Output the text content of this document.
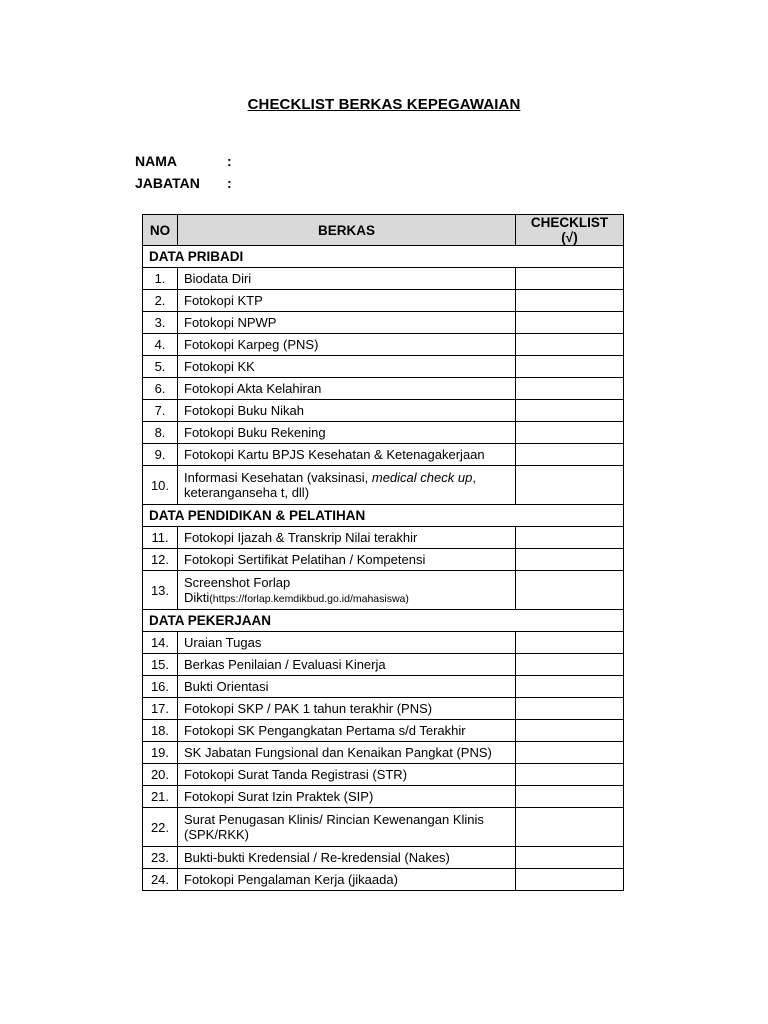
CHECKLIST BERKAS KEPEGAWAIAN
NAMA	:
JABATAN :
NO	BERKAS	CHECKLIST (√)
DATA PRIBADI		
1.	Biodata Diri	
2.	Fotokopi KTP	
3.	Fotokopi NPWP	
4.	Fotokopi Karpeg (PNS)	
5.	Fotokopi KK	
6.	Fotokopi Akta Kelahiran	
7.	Fotokopi Buku Nikah	
8.	Fotokopi Buku Rekening	
9.	Fotokopi Kartu BPJS Kesehatan & Ketenagakerjaan	
10.	Informasi Kesehatan (vaksinasi, medical check up, keteranganseha t, dll)	
DATA PENDIDIKAN & PELATIHAN		
11.	Fotokopi Ijazah & Transkrip Nilai terakhir	
12.	Fotokopi Sertifikat Pelatihan / Kompetensi	
13.	Screenshot Forlap Dikti(https://forlap.kemdikbud.go.id/mahasiswa)	
DATA PEKERJAAN		
14.	Uraian Tugas	
15.	Berkas Penilaian / Evaluasi Kinerja	
16.	Bukti Orientasi	
17.	Fotokopi SKP / PAK 1 tahun terakhir (PNS)	
18.	Fotokopi SK Pengangkatan Pertama s/d Terakhir	
19.	SK Jabatan Fungsional dan Kenaikan Pangkat (PNS)	
20.	Fotokopi Surat Tanda Registrasi (STR)	
21.	Fotokopi Surat Izin Praktek (SIP)	
22.	Surat Penugasan Klinis/ Rincian Kewenangan Klinis (SPK/RKK)	
23.	Bukti-bukti Kredensial / Re-kredensial (Nakes)	
24.	Fotokopi Pengalaman Kerja (jikaada)	
